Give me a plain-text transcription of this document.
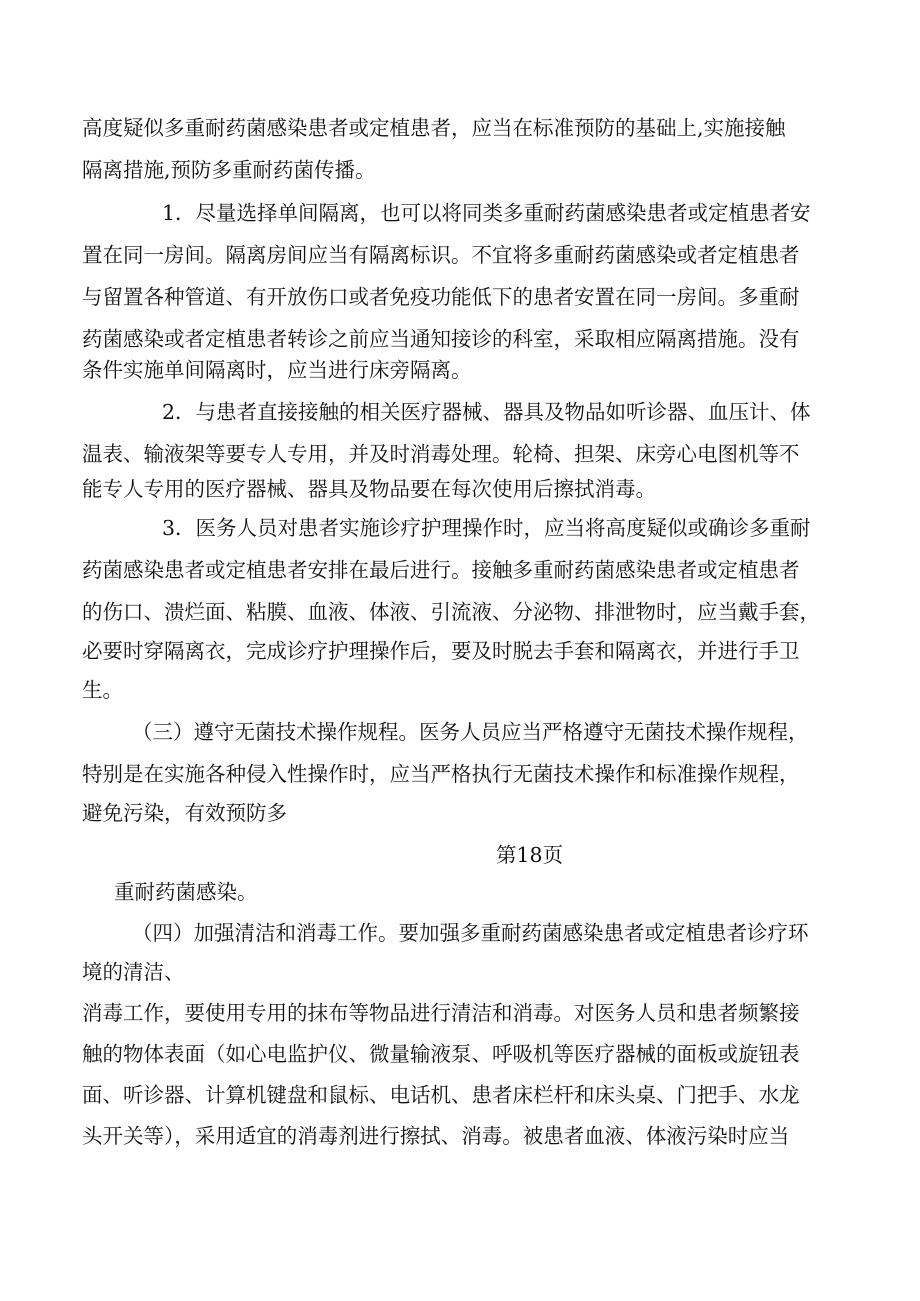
高度疑似多重耐药菌感染患者或定植患者，应当在标准预防的基础上,实施接触
隔离措施,预防多重耐药菌传播。
1．尽量选择单间隔离，也可以将同类多重耐药菌感染患者或定植患者安
置在同一房间。隔离房间应当有隔离标识。不宜将多重耐药菌感染或者定植患者
与留置各种管道、有开放伤口或者免疫功能低下的患者安置在同一房间。多重耐
药菌感染或者定植患者转诊之前应当通知接诊的科室，采取相应隔离措施。没有
条件实施单间隔离时，应当进行床旁隔离。
2．与患者直接接触的相关医疗器械、器具及物品如听诊器、血压计、体
温表、输液架等要专人专用，并及时消毒处理。轮椅、担架、床旁心电图机等不
能专人专用的医疗器械、器具及物品要在每次使用后擦拭消毒。
3．医务人员对患者实施诊疗护理操作时，应当将高度疑似或确诊多重耐
药菌感染患者或定植患者安排在最后进行。接触多重耐药菌感染患者或定植患者
的伤口、溃烂面、粘膜、血液、体液、引流液、分泌物、排泄物时，应当戴手套，
必要时穿隔离衣，完成诊疗护理操作后，要及时脱去手套和隔离衣，并进行手卫
生。
（三）遵守无菌技术操作规程。医务人员应当严格遵守无菌技术操作规程，
特别是在实施各种侵入性操作时，应当严格执行无菌技术操作和标准操作规程，
避免污染，有效预防多
第18页
重耐药菌感染。
（四）加强清洁和消毒工作。要加强多重耐药菌感染患者或定植患者诊疗环
境的清洁、
消毒工作，要使用专用的抹布等物品进行清洁和消毒。对医务人员和患者频繁接
触的物体表面（如心电监护仪、微量输液泵、呼吸机等医疗器械的面板或旋钮表
面、听诊器、计算机键盘和鼠标、电话机、患者床栏杆和床头桌、门把手、水龙
头开关等），采用适宜的消毒剂进行擦拭、消毒。被患者血液、体液污染时应当
